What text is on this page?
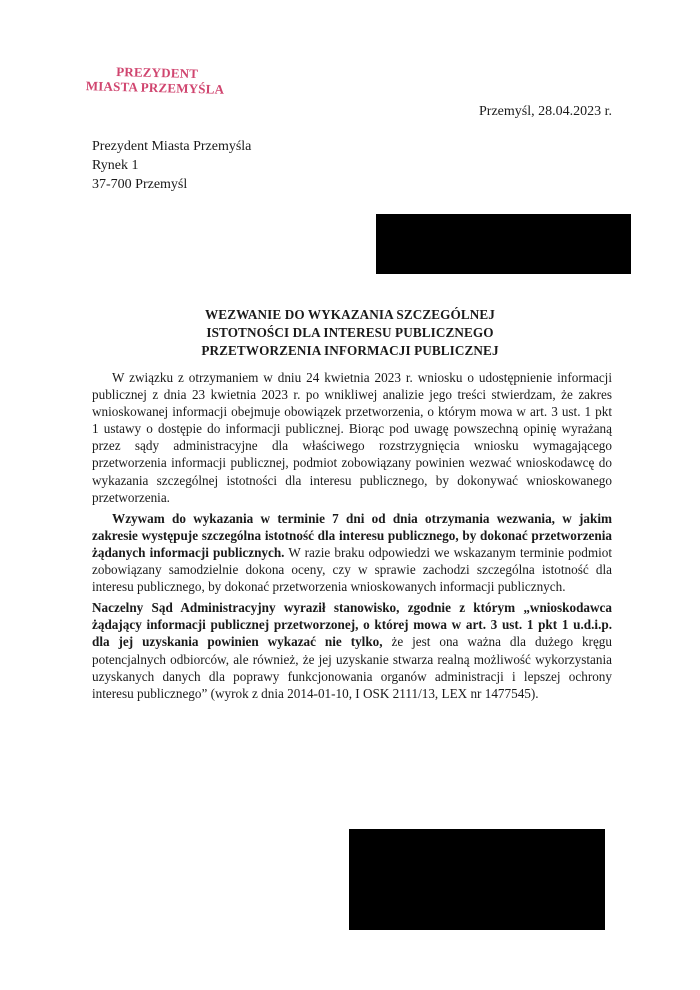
PREZYDENT
MIASTA PRZEMYŚLA
Przemyśl, 28.04.2023 r.
Prezydent Miasta Przemyśla
Rynek 1
37-700 Przemyśl
WEZWANIE DO WYKAZANIA SZCZEGÓLNEJ
ISTOTNOŚCI DLA INTERESU PUBLICZNEGO
PRZETWORZENIA INFORMACJI PUBLICZNEJ

W związku z otrzymaniem w dniu 24 kwietnia 2023 r. wniosku o udostępnienie informacji publicznej z dnia 23 kwietnia 2023 r. po wnikliwej analizie jego treści stwierdzam, że zakres wnioskowanej informacji obejmuje obowiązek przetworzenia, o którym mowa w art. 3 ust. 1 pkt 1 ustawy o dostępie do informacji publicznej. Biorąc pod uwagę powszechną opinię wyrażaną przez sądy administracyjne dla właściwego rozstrzygnięcia wniosku wymagającego przetworzenia informacji publicznej, podmiot zobowiązany powinien wezwać wnioskodawcę do wykazania szczególnej istotności dla interesu publicznego, by dokonywać wnioskowanego przetworzenia.

Wzywam do wykazania w terminie 7 dni od dnia otrzymania wezwania, w jakim zakresie występuje szczególna istotność dla interesu publicznego, by dokonać przetworzenia żądanych informacji publicznych. W razie braku odpowiedzi we wskazanym terminie podmiot zobowiązany samodzielnie dokona oceny, czy w sprawie zachodzi szczególna istotność dla interesu publicznego, by dokonać przetworzenia wnioskowanych informacji publicznych.

Naczelny Sąd Administracyjny wyraził stanowisko, zgodnie z którym „wnioskodawca żądający informacji publicznej przetworzonej, o której mowa w art. 3 ust. 1 pkt 1 u.d.i.p. dla jej uzyskania powinien wykazać nie tylko, że jest ona ważna dla dużego kręgu potencjalnych odbiorców, ale również, że jej uzyskanie stwarza realną możliwość wykorzystania uzyskanych danych dla poprawy funkcjonowania organów administracji i lepszej ochrony interesu publicznego” (wyrok z dnia 2014-01-10, I OSK 2111/13, LEX nr 1477545).
